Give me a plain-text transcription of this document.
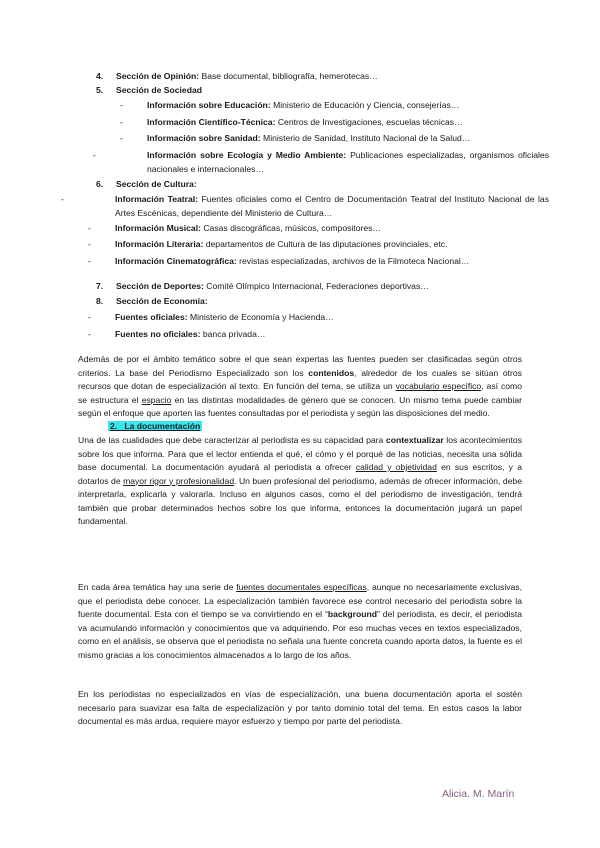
4. Sección de Opinión: Base documental, bibliografía, hemerotecas…
5. Sección de Sociedad
-	Información sobre Educación: Ministerio de Educación y Ciencia, consejerías…
-	Información Científico-Técnica: Centros de Investigaciones, escuelas técnicas…
-	Información sobre Sanidad: Ministerio de Sanidad, Instituto Nacional de la Salud…
-	Información sobre Ecología y Medio Ambiente: Publicaciones especializadas, organismos oficiales nacionales e internacionales…
6. Sección de Cultura:
-	Información Teatral: Fuentes oficiales como el Centro de Documentación Teatral del Instituto Nacional de las Artes Escénicas, dependiente del Ministerio de Cultura…
-	Información Musical: Casas discográficas, músicos, compositores…
-	Información Literaria: departamentos de Cultura de las diputaciones provinciales, etc.
-	Información Cinematográfica: revistas especializadas, archivos de la Filmoteca Nacional…
7. Sección de Deportes: Comité Olímpico Internacional, Federaciones deportivas…
8. Sección de Economía:
-	Fuentes oficiales: Ministerio de Economía y Hacienda…
-	Fuentes no oficiales: banca privada…
Además de por el ámbito temático sobre el que sean expertas las fuentes pueden ser clasificadas según otros criterios. La base del Periodismo Especializado son los contenidos, alrededor de los cuales se sitúan otros recursos que dotan de especialización al texto. En función del tema, se utiliza un vocabulario específico, así como se estructura el espacio en las distintas modalidades de género que se conocen. Un mismo tema puede cambiar según el enfoque que aporten las fuentes consultadas por el periodista y según las disposiciones del medio.
2.   La documentación
Una de las cualidades que debe caracterizar al periodista es su capacidad para contextualizar los acontecimientos sobre los que informa. Para que el lector entienda el qué, el cómo y el porqué de las noticias, necesita una sólida base documental. La documentación ayudará al periodista a ofrecer calidad y objetividad en sus escritos, y a dotarlos de mayor rigor y profesionalidad. Un buen profesional del periodismo, además de ofrecer información, debe interpretarla, explicarla y valorarla. Incluso en algunos casos, como el del periodismo de investigación, tendrá también que probar determinados hechos sobre los que informa, entonces la documentación jugará un papel fundamental.
En cada área temática hay una serie de fuentes documentales específicas, aunque no necesariamente exclusivas, que el periodista debe conocer. La especialización también favorece ese control necesario del periodista sobre la fuente documental. Esta con el tiempo se va convirtiendo en el “background” del periodista, es decir, el periodista va acumulando información y conocimientos que va adquiriendo. Por eso muchas veces en textos especializados, como en el análisis, se observa que el periodista no señala una fuente concreta cuando aporta datos, la fuente es el mismo gracias a los conocimientos almacenados a lo largo de los años.
En los periodistas no especializados en vías de especialización, una buena documentación aporta el sostén necesario para suavizar esa falta de especialización y por tanto dominio total del tema. En estos casos la labor documental es más ardua, requiere mayor esfuerzo y tiempo por parte del periodista.
Alicia. M. Marín
